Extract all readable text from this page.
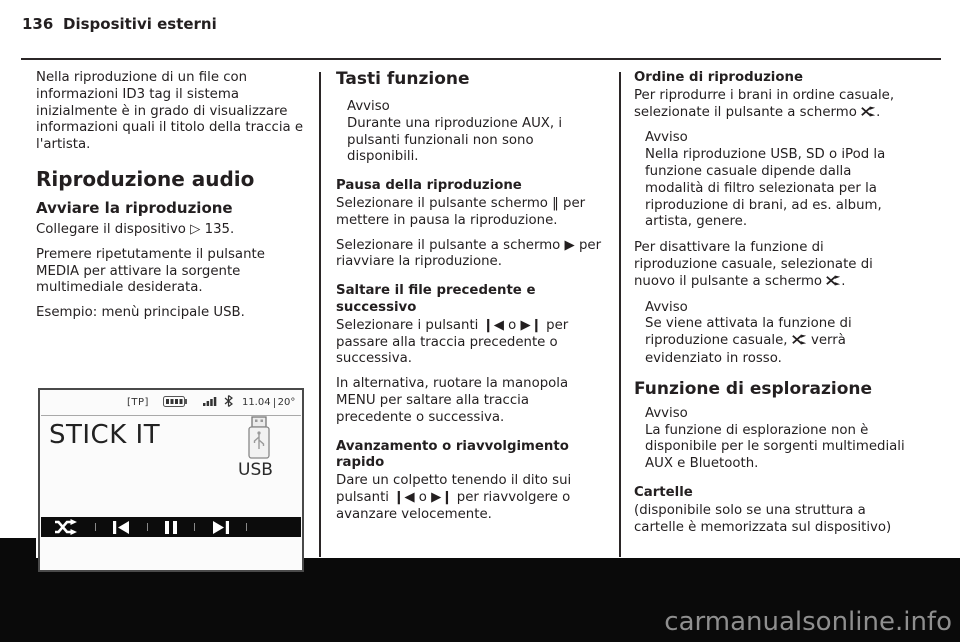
136 Dispositivi esterni

Nella riproduzione di un file con informazioni ID3 tag il sistema inizialmente è in grado di visualizzare informazioni quali il titolo della traccia e l'artista.

Riproduzione audio
Avviare la riproduzione

Collegare il dispositivo ▷ 135.

Premere ripetutamente il pulsante MEDIA per attivare la sorgente multimediale desiderata.

Esempio: menù principale USB.

[TP]	11.04 20°
STICK IT
USB
Tasti funzione
Avviso
Durante una riproduzione AUX, i pulsanti funzionali non sono disponibili.
Pausa della riproduzione

Selezionare il pulsante schermo ‖ per mettere in pausa la riproduzione.

Selezionare il pulsante a schermo ▶ per riavviare la riproduzione.

Saltare il file precedente e successivo

Selezionare i pulsanti ❙◀ o ▶❙ per passare alla traccia precedente o successiva.

In alternativa, ruotare la manopola MENU per saltare alla traccia precedente o successiva.

Avanzamento o riavvolgimento rapido

Dare un colpetto tenendo il dito sui pulsanti ❙◀ o ▶❙ per riavvolgere o avanzare velocemente.

Ordine di riproduzione

Per riprodurre i brani in ordine casuale, selezionate il pulsante a schermo .

Avviso
Nella riproduzione USB, SD o iPod la funzione casuale dipende dalla modalità di filtro selezionata per la riproduzione di brani, ad es. album, artista, genere.

Per disattivare la funzione di riproduzione casuale, selezionate di nuovo il pulsante a schermo .

Avviso
Se viene attivata la funzione di riproduzione casuale,  verrà evidenziato in rosso.
Funzione di esplorazione
Avviso
La funzione di esplorazione non è disponibile per le sorgenti multimediali AUX e Bluetooth.
Cartelle

(disponibile solo se una struttura a cartelle è memorizzata sul dispositivo)

carmanualsonline.info
